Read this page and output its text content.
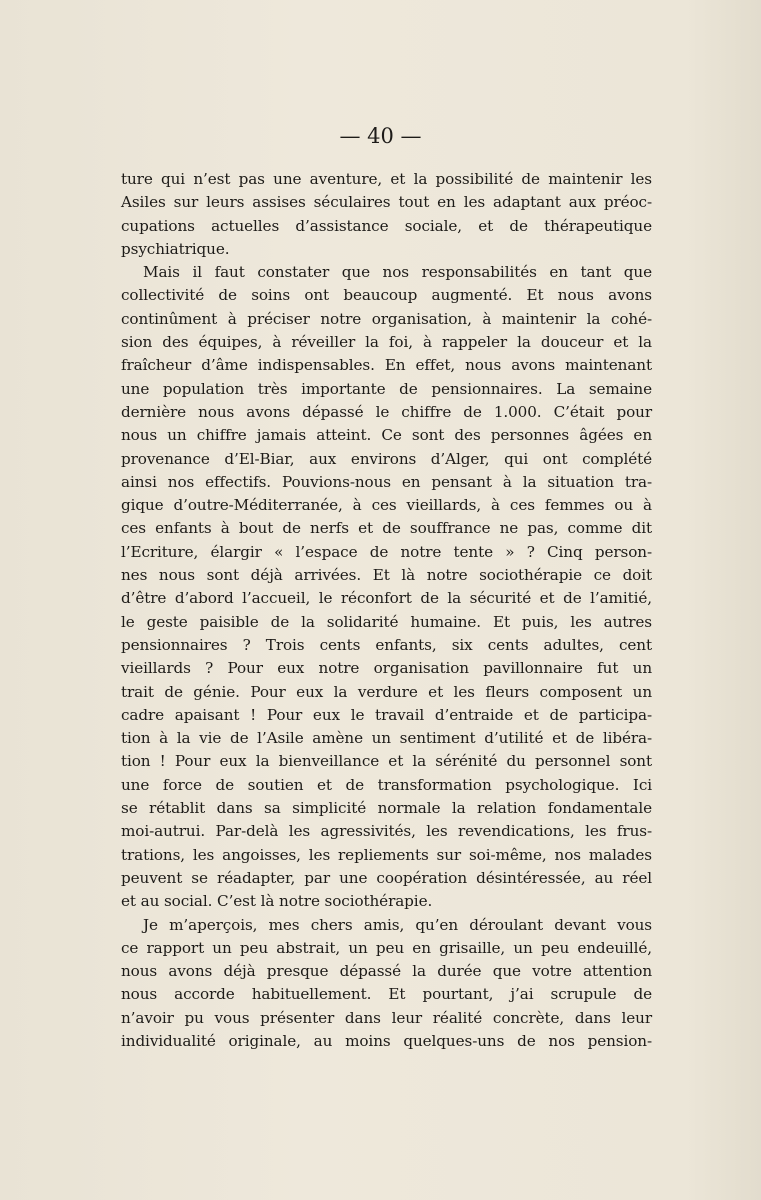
— 40 —
ture qui n’est pas une aventure, et la possibilité de maintenir les
Asiles sur leurs assises séculaires tout en les adaptant aux préoc-
cupations actuelles d’assistance sociale, et de thérapeutique
psychiatrique.
Mais il faut constater que nos responsabilités en tant que
collectivité de soins ont beaucoup augmenté. Et nous avons
continûment à préciser notre organisation, à maintenir la cohé-
sion des équipes, à réveiller la foi, à rappeler la douceur et la
fraîcheur d’âme indispensables. En effet, nous avons maintenant
une population très importante de pensionnaires. La semaine
dernière nous avons dépassé le chiffre de 1.000. C’était pour
nous un chiffre jamais atteint. Ce sont des personnes âgées en
provenance d’El-Biar, aux environs d’Alger, qui ont complété
ainsi nos effectifs. Pouvions-nous en pensant à la situation tra-
gique d’outre-Méditerranée, à ces vieillards, à ces femmes ou à
ces enfants à bout de nerfs et de souffrance ne pas, comme dit
l’Ecriture, élargir « l’espace de notre tente » ? Cinq person-
nes nous sont déjà arrivées. Et là notre sociothérapie ce doit
d’être d’abord l’accueil, le réconfort de la sécurité et de l’amitié,
le geste paisible de la solidarité humaine. Et puis, les autres
pensionnaires ? Trois cents enfants, six cents adultes, cent
vieillards ? Pour eux notre organisation pavillonnaire fut un
trait de génie. Pour eux la verdure et les fleurs composent un
cadre apaisant ! Pour eux le travail d’entraide et de participa-
tion à la vie de l’Asile amène un sentiment d’utilité et de libéra-
tion ! Pour eux la bienveillance et la sérénité du personnel sont
une force de soutien et de transformation psychologique. Ici
se rétablit dans sa simplicité normale la relation fondamentale
moi-autrui. Par-delà les agressivités, les revendications, les frus-
trations, les angoisses, les repliements sur soi-même, nos malades
peuvent se réadapter, par une coopération désintéressée, au réel
et au social. C’est là notre sociothérapie.
Je m’aperçois, mes chers amis, qu’en déroulant devant vous
ce rapport un peu abstrait, un peu en grisaille, un peu endeuillé,
nous avons déjà presque dépassé la durée que votre attention
nous accorde habituellement. Et pourtant, j’ai scrupule de
n’avoir pu vous présenter dans leur réalité concrète, dans leur
individualité originale, au moins quelques-uns de nos pension-
